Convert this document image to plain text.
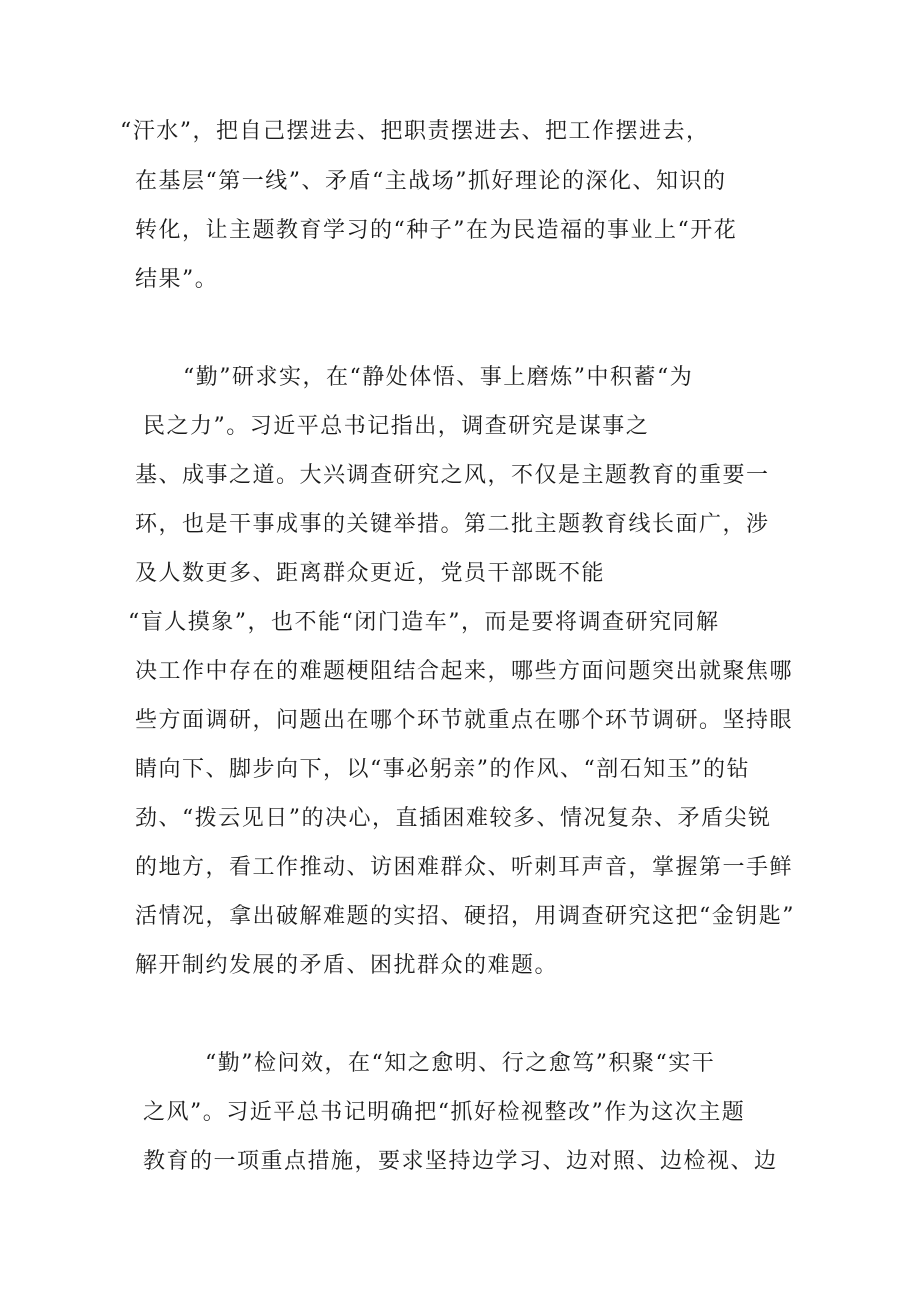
“汗水”，把自己摆进去、把职责摆进去、把工作摆进去，
在基层“第一线”、矛盾“主战场”抓好理论的深化、知识的
转化，让主题教育学习的“种子”在为民造福的事业上“开花
结果”。
“勤”研求实，在“静处体悟、事上磨炼”中积蓄“为
民之力”。习近平总书记指出，调查研究是谋事之
基、成事之道。大兴调查研究之风，不仅是主题教育的重要一
环，也是干事成事的关键举措。第二批主题教育线长面广，涉
及人数更多、距离群众更近，党员干部既不能
“盲人摸象”，也不能“闭门造车”，而是要将调查研究同解
决工作中存在的难题梗阻结合起来，哪些方面问题突出就聚焦哪
些方面调研，问题出在哪个环节就重点在哪个环节调研。坚持眼
睛向下、脚步向下，以“事必躬亲”的作风、“剖石知玉”的钻
劲、“拨云见日”的决心，直插困难较多、情况复杂、矛盾尖锐
的地方，看工作推动、访困难群众、听刺耳声音，掌握第一手鲜
活情况，拿出破解难题的实招、硬招，用调查研究这把“金钥匙”
解开制约发展的矛盾、困扰群众的难题。
“勤”检问效，在“知之愈明、行之愈笃”积聚“实干
之风”。习近平总书记明确把“抓好检视整改”作为这次主题
教育的一项重点措施，要求坚持边学习、边对照、边检视、边
